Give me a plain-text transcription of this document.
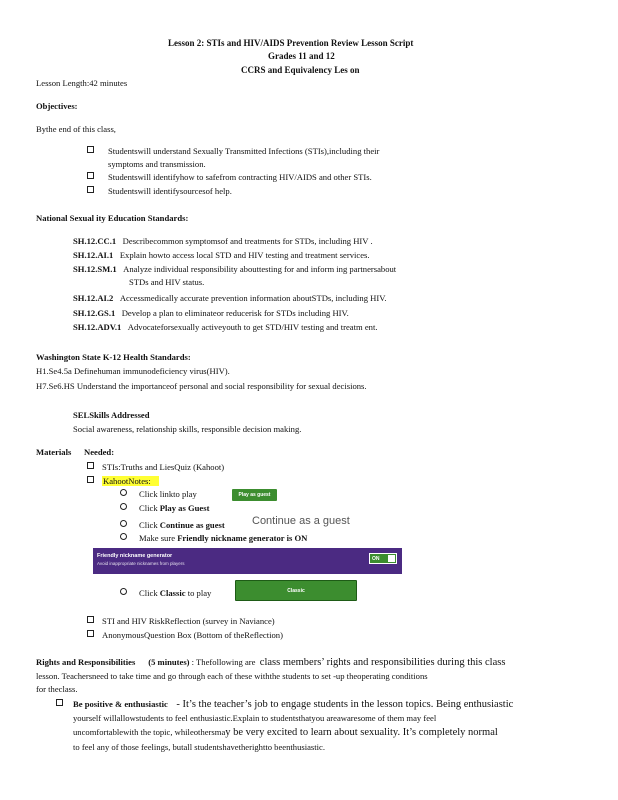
Lesson 2: STIs and HIV/AIDS Prevention Review Lesson Script
Grades 11 and 12
CCRS and Equivalency Les on
Lesson Length:42 minutes
Objectives:
Bythe end of this class,
Studentswill understand Sexually Transmitted Infections (STIs),including their
symptoms and transmission.
Studentswill identifyhow to safefrom contracting HIV/AIDS and other STIs.
Studentswill identifysourcesof help.
National Sexual ity Education Standards:
SH.12.CC.1 Describecommon symptomsof and treatments for STDs, including HIV .
SH.12.AI.1 Explain howto access local STD and HIV testing and treatment services.
SH.12.SM.1 Analyze individual responsibility abouttesting for and inform ing partnersabout
STDs and HIV status.
SH.12.AI.2 Accessmedically accurate prevention information aboutSTDs, including HIV.
SH.12.GS.1 Develop a plan to eliminateor reducerisk for STDs including HIV.
SH.12.ADV.1 Advocateforsexually activeyouth to get STD/HIV testing and treatm ent.
Washington State K-12 Health Standards:
H1.Se4.5a Definehuman immunodeficiency virus(HIV).
H7.Se6.HS Understand the importanceof personal and social responsibility for sexual decisions.
SELSkills Addressed
Social awareness, relationship skills, responsible decision making.
Materials Needed:
STIs:Truths and LiesQuiz (Kahoot)
KahootNotes:
Click linkto play	Play as guest
Click Play as Guest
Click Continue as guest Continue as a guest
Make sure Friendly nickname generator is ON
Friendly nickname generator
Avoid inappropriate nicknames from players
ON
Click Classic to play	Classic
STI and HIV RiskReflection (survey in Naviance)
AnonymousQuestion Box (Bottom of theReflection)
Rights and Responsibilities (5 minutes) : Thefollowing are class members’ rights and responsibilities during this class
lesson. Teachersneed to take time and go through each of these withthe students to set -up theoperating conditions
for theclass.
Be positive & enthusiastic - It’s the teacher’s job to engage students in the lesson topics. Being enthusiastic
yourself willallowstudents to feel enthusiastic.Explain to studentsthatyou areawaresome of them may feel
uncomfortablewith the topic, whileothersmay be very excited to learn about sexuality. It’s completely normal
to feel any of those feelings, butall studentshavetherightto beenthusiastic.
